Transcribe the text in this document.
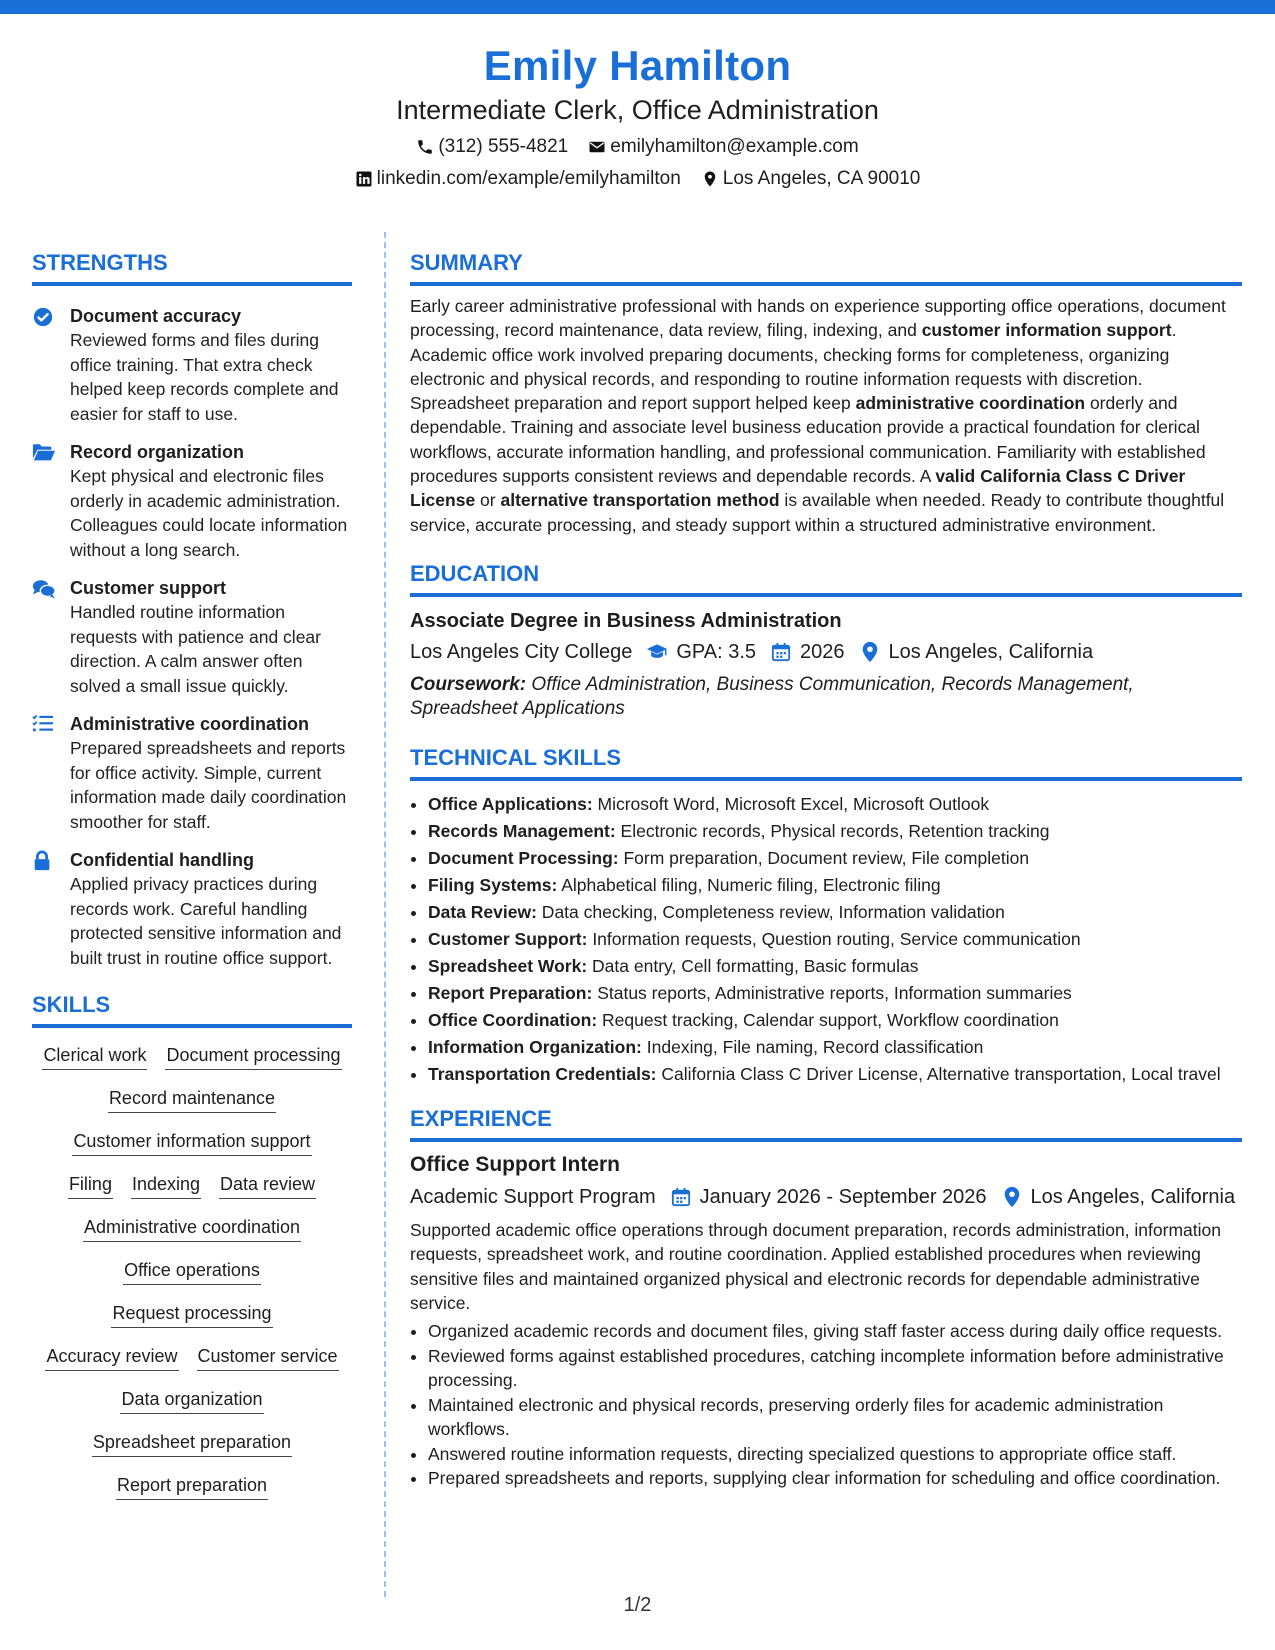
Emily Hamilton
Intermediate Clerk, Office Administration
(312) 555-4821 emilyhamilton@example.com
linkedin.com/example/emilyhamilton Los Angeles, CA 90010
STRENGTHS
Document accuracy
Reviewed forms and files during office training. That extra check helped keep records complete and easier for staff to use.
Record organization
Kept physical and electronic files orderly in academic administration. Colleagues could locate information without a long search.
Customer support
Handled routine information requests with patience and clear direction. A calm answer often solved a small issue quickly.
Administrative coordination
Prepared spreadsheets and reports for office activity. Simple, current information made daily coordination smoother for staff.
Confidential handling
Applied privacy practices during records work. Careful handling protected sensitive information and built trust in routine office support.
SKILLS
Clerical work Document processing
Record maintenance
Customer information support
Filing Indexing Data review
Administrative coordination
Office operations
Request processing
Accuracy review Customer service
Data organization
Spreadsheet preparation
Report preparation
SUMMARY
Early career administrative professional with hands on experience supporting office operations, document processing, record maintenance, data review, filing, indexing, and customer information support. Academic office work involved preparing documents, checking forms for completeness, organizing electronic and physical records, and responding to routine information requests with discretion. Spreadsheet preparation and report support helped keep administrative coordination orderly and dependable. Training and associate level business education provide a practical foundation for clerical workflows, accurate information handling, and professional communication. Familiarity with established procedures supports consistent reviews and dependable records. A valid California Class C Driver License or alternative transportation method is available when needed. Ready to contribute thoughtful service, accurate processing, and steady support within a structured administrative environment.
EDUCATION
Associate Degree in Business Administration
Los Angeles City College GPA: 3.5 2026 Los Angeles, California
Coursework: Office Administration, Business Communication, Records Management, Spreadsheet Applications
TECHNICAL SKILLS
• Office Applications: Microsoft Word, Microsoft Excel, Microsoft Outlook
• Records Management: Electronic records, Physical records, Retention tracking
• Document Processing: Form preparation, Document review, File completion
• Filing Systems: Alphabetical filing, Numeric filing, Electronic filing
• Data Review: Data checking, Completeness review, Information validation
• Customer Support: Information requests, Question routing, Service communication
• Spreadsheet Work: Data entry, Cell formatting, Basic formulas
• Report Preparation: Status reports, Administrative reports, Information summaries
• Office Coordination: Request tracking, Calendar support, Workflow coordination
• Information Organization: Indexing, File naming, Record classification
• Transportation Credentials: California Class C Driver License, Alternative transportation, Local travel
EXPERIENCE
Office Support Intern
Academic Support Program January 2026 - September 2026 Los Angeles, California
Supported academic office operations through document preparation, records administration, information requests, spreadsheet work, and routine coordination. Applied established procedures when reviewing sensitive files and maintained organized physical and electronic records for dependable administrative service.
• Organized academic records and document files, giving staff faster access during daily office requests.
• Reviewed forms against established procedures, catching incomplete information before administrative processing.
• Maintained electronic and physical records, preserving orderly files for academic administration workflows.
• Answered routine information requests, directing specialized questions to appropriate office staff.
• Prepared spreadsheets and reports, supplying clear information for scheduling and office coordination.
1/2
